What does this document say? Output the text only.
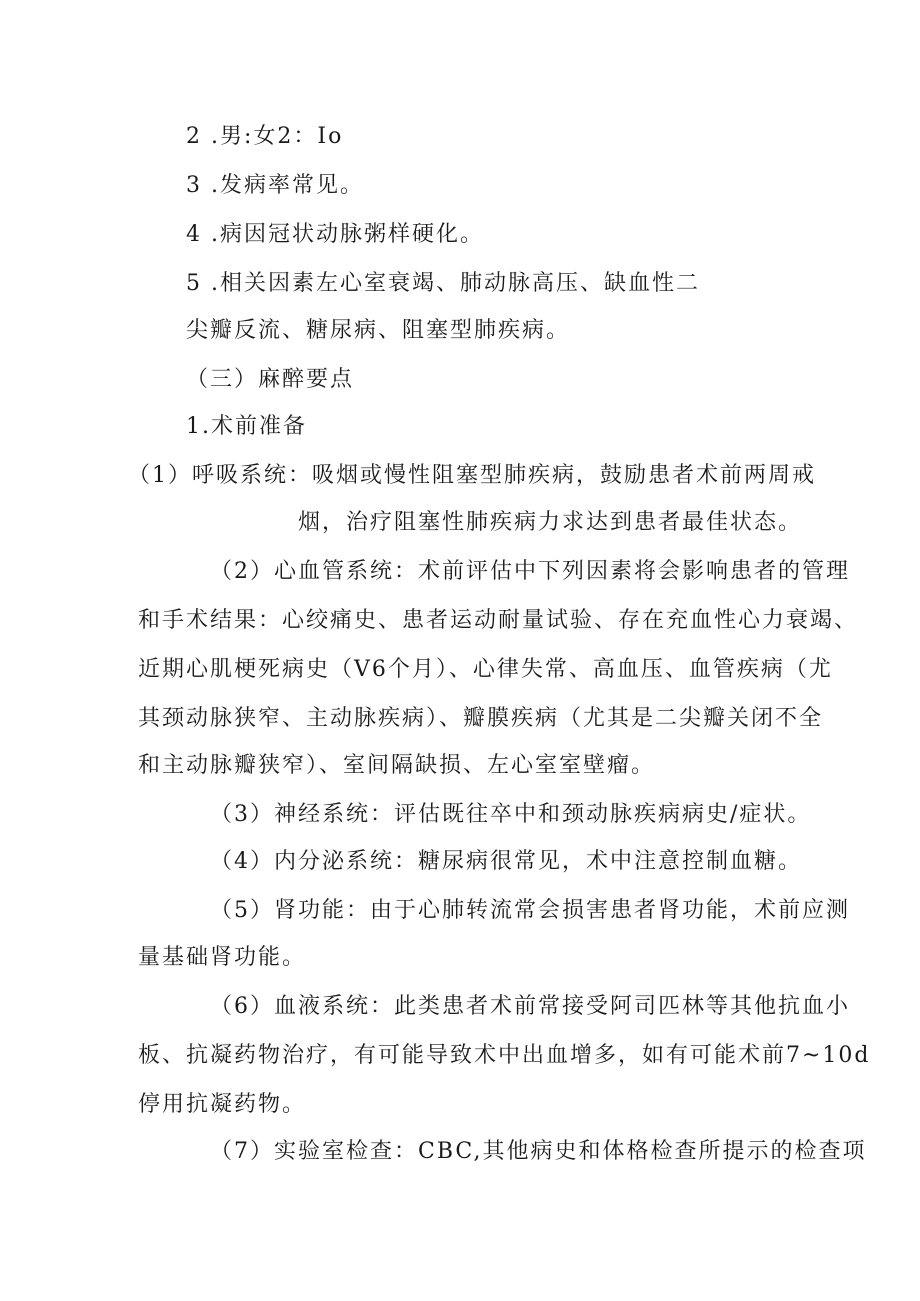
2 .男:女2：Io
3 .发病率常见。
4 .病因冠状动脉粥样硬化。
5 .相关因素左心室衰竭、肺动脉高压、缺血性二
尖瓣反流、糖尿病、阻塞型肺疾病。
（三）麻醉要点
1.术前准备
（1）呼吸系统：吸烟或慢性阻塞型肺疾病，鼓励患者术前两周戒
烟，治疗阻塞性肺疾病力求达到患者最佳状态。
（2）心血管系统：术前评估中下列因素将会影响患者的管理
和手术结果：心绞痛史、患者运动耐量试验、存在充血性心力衰竭、
近期心肌梗死病史（V6个月）、心律失常、高血压、血管疾病（尤
其颈动脉狭窄、主动脉疾病）、瓣膜疾病（尤其是二尖瓣关闭不全
和主动脉瓣狭窄）、室间隔缺损、左心室室壁瘤。
（3）神经系统：评估既往卒中和颈动脉疾病病史/症状。
（4）内分泌系统：糖尿病很常见，术中注意控制血糖。
（5）肾功能：由于心肺转流常会损害患者肾功能，术前应测
量基础肾功能。
（6）血液系统：此类患者术前常接受阿司匹林等其他抗血小
板、抗凝药物治疗，有可能导致术中出血增多，如有可能术前7~10d
停用抗凝药物。
（7）实验室检查：CBC,其他病史和体格检查所提示的检查项
